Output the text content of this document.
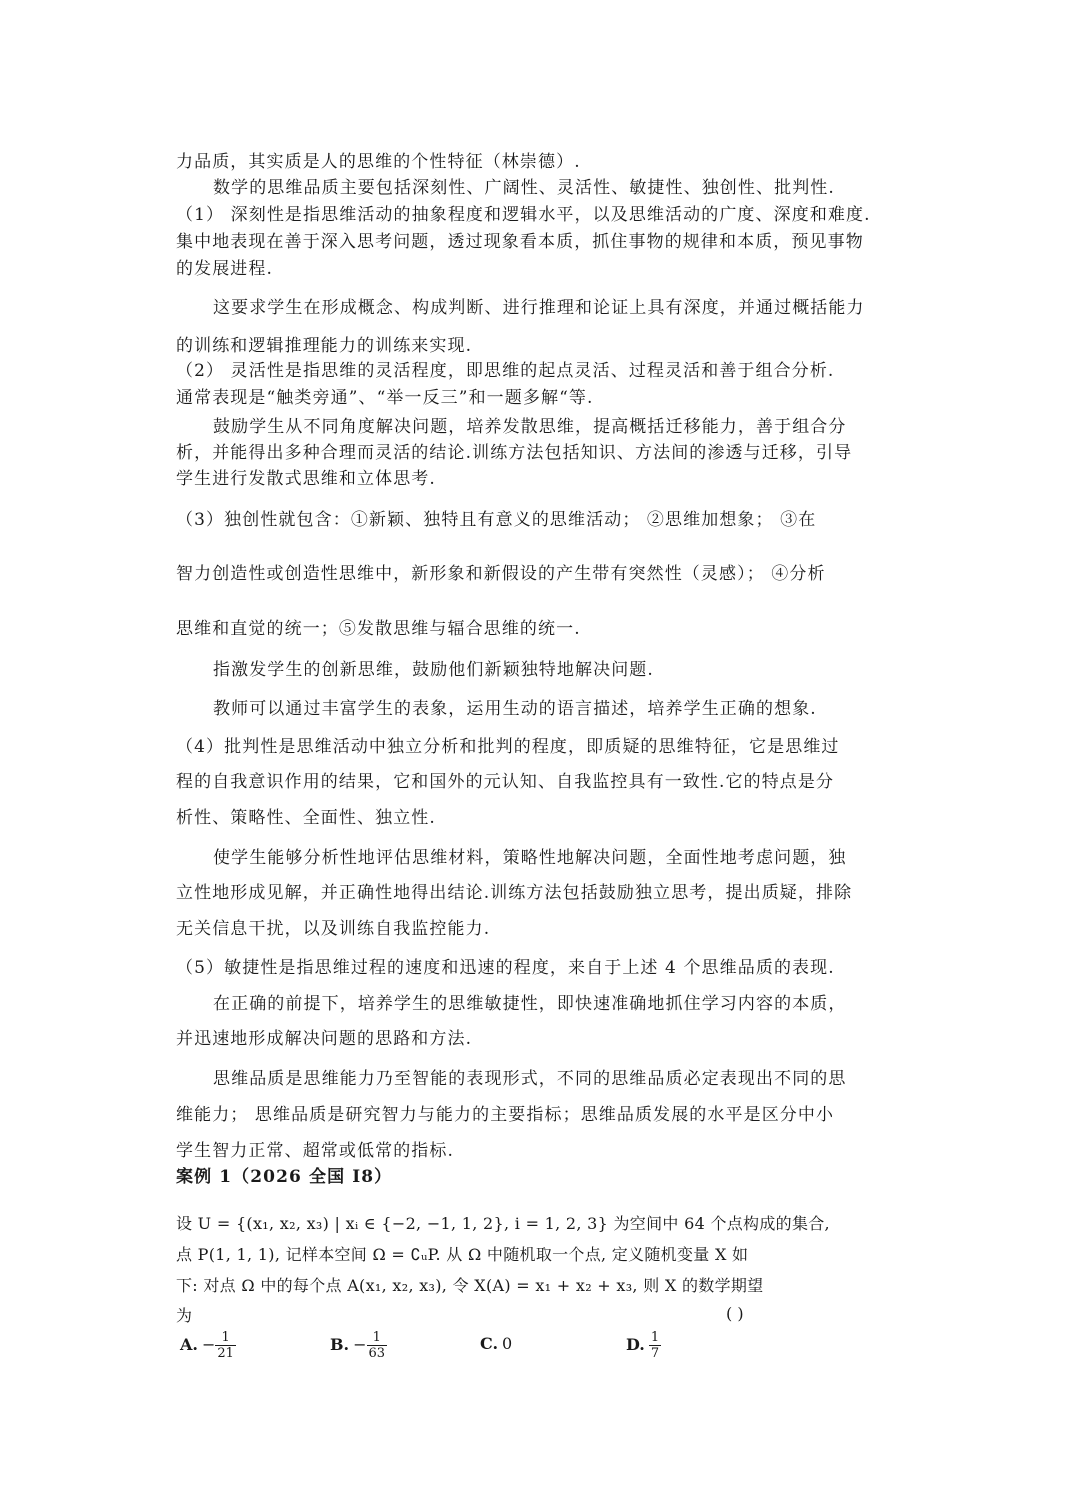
力品质，其实质是人的思维的个性特征（林崇德）.

数学的思维品质主要包括深刻性、广阔性、灵活性、敏捷性、独创性、批判性.

（1） 深刻性是指思维活动的抽象程度和逻辑水平，以及思维活动的广度、深度和难度.

集中地表现在善于深入思考问题，透过现象看本质，抓住事物的规律和本质，预见事物

的发展进程.

这要求学生在形成概念、构成判断、进行推理和论证上具有深度，并通过概括能力

的训练和逻辑推理能力的训练来实现.

（2） 灵活性是指思维的灵活程度，即思维的起点灵活、过程灵活和善于组合分析.

通常表现是“触类旁通”、“举一反三”和一题多解“等.

鼓励学生从不同角度解决问题，培养发散思维，提高概括迁移能力，善于组合分

析，并能得出多种合理而灵活的结论.训练方法包括知识、方法间的渗透与迁移，引导

学生进行发散式思维和立体思考.

（3）独创性就包含：①新颖、独特且有意义的思维活动； ②思维加想象； ③在

智力创造性或创造性思维中，新形象和新假设的产生带有突然性（灵感）； ④分析

思维和直觉的统一；⑤发散思维与辐合思维的统一.

指激发学生的创新思维，鼓励他们新颖独特地解决问题.

教师可以通过丰富学生的表象，运用生动的语言描述，培养学生正确的想象.

（4）批判性是思维活动中独立分析和批判的程度，即质疑的思维特征，它是思维过

程的自我意识作用的结果，它和国外的元认知、自我监控具有一致性.它的特点是分

析性、策略性、全面性、独立性.

使学生能够分析性地评估思维材料，策略性地解决问题，全面性地考虑问题，独

立性地形成见解，并正确性地得出结论.训练方法包括鼓励独立思考，提出质疑，排除

无关信息干扰，以及训练自我监控能力.

（5）敏捷性是指思维过程的速度和迅速的程度，来自于上述 4 个思维品质的表现.

在正确的前提下，培养学生的思维敏捷性，即快速准确地抓住学习内容的本质，

并迅速地形成解决问题的思路和方法.

思维品质是思维能力乃至智能的表现形式，不同的思维品质必定表现出不同的思

维能力； 思维品质是研究智力与能力的主要指标；思维品质发展的水平是区分中小

学生智力正常、超常或低常的指标.

案例 1（2026 全国 I8）

设 U = {(x₁, x₂, x₃) | xᵢ ∈ {−2, −1, 1, 2}, i = 1, 2, 3} 为空间中 64 个点构成的集合,

点 P(1, 1, 1), 记样本空间 Ω = ∁ᵤP. 从 Ω 中随机取一个点, 定义随机变量 X 如

下: 对点 Ω 中的每个点 A(x₁, x₂, x₃), 令 X(A) = x₁ + x₂ + x₃, 则 X 的数学期望

为	( )
A. − $\frac{1}{21}$	B. − $\frac{1}{63}$	C. 0	D. $\frac{1}{7}$
